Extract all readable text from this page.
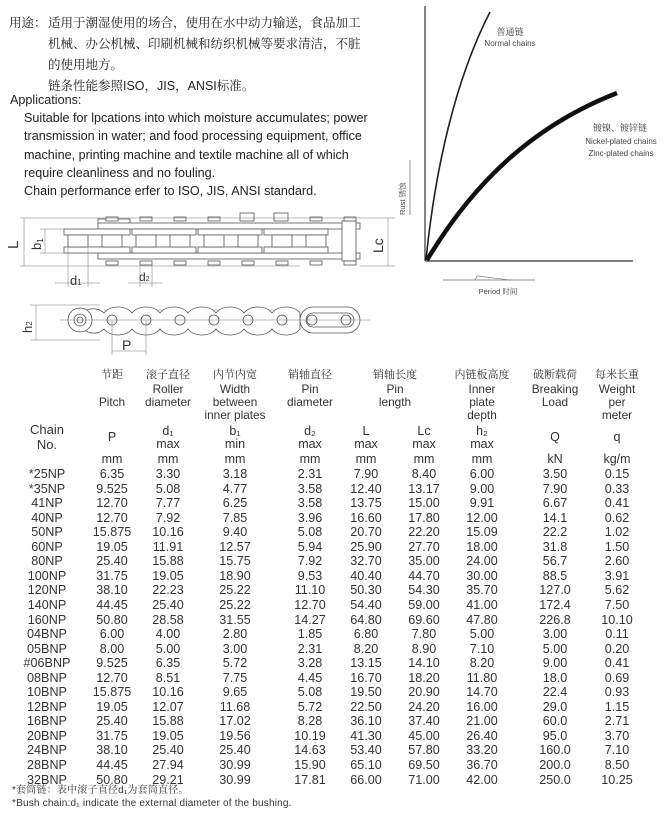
用途： 适用于潮湿使用的场合，使用在水中动力输送，食品加工
机械、办公机械、印刷机械和纺织机械等要求清洁，不脏
的使用地方。
链条性能参照ISO，JIS，ANSI标准。
Applications:
Suitable for lpcations into which moisture accumulates; power
transmission in water; and food processing equipment, office
machine, printing machine and textile machine all of which
require cleanliness and no fouling.
Chain performance erfer to ISO, JIS, ANSI standard.
普通链
Normal chains
镀镍、镀锌链
Nickel-plated chains
Zinc-plated chains
Rust 锈蚀
Period 时间
L b1	Lc
d1	d2
h2
P
Chain
No.
节距
Pitch
P
mm
滚子直径
Roller
diameter
d₁
max
mm
内节内宽
Width
between
inner plates
b₁
min
mm
销轴直径
Pin
diameter
d₂
max
mm
销轴长度
Pin
length
L
max
mm
Lc
max
mm
内链板高度
Inner
plate
depth
h₂
max
mm
破断载荷
Breaking
Load
Q
kN
每米长重
Weight
per
meter
q
kg/m
*25NP	6.35	3.30	3.18	2.31	7.90	8.40	6.00	3.50	0.15
*35NP	9.525	5.08	4.77	3.58	12.40	13.17	9.00	7.90	0.33
41NP	12.70	7.77	6.25	3.58	13.75	15.00	9.91	6.67	0.41
40NP	12.70	7.92	7.85	3.96	16.60	17.80	12.00	14.1	0.62
50NP	15.875	10.16	9.40	5.08	20.70	22.20	15.09	22.2	1.02
60NP	19.05	11.91	12.57	5.94	25.90	27.70	18.00	31.8	1.50
80NP	25.40	15.88	15.75	7.92	32.70	35.00	24.00	56.7	2.60
100NP	31.75	19.05	18.90	9.53	40.40	44.70	30.00	88.5	3.91
120NP	38.10	22.23	25.22	11.10	50.30	54.30	35.70	127.0	5.62
140NP	44.45	25.40	25.22	12.70	54.40	59.00	41.00	172.4	7.50
160NP	50.80	28.58	31.55	14.27	64.80	69.60	47.80	226.8	10.10
04BNP	6.00	4.00	2.80	1.85	6.80	7.80	5.00	3.00	0.11
05BNP	8.00	5.00	3.00	2.31	8.20	8.90	7.10	5.00	0.20
#06BNP	9.525	6.35	5.72	3.28	13.15	14.10	8.20	9.00	0.41
08BNP	12.70	8.51	7.75	4.45	16.70	18.20	11.80	18.0	0.69
10BNP	15.875	10.16	9.65	5.08	19.50	20.90	14.70	22.4	0.93
12BNP	19.05	12.07	11.68	5.72	22.50	24.20	16.00	29.0	1.15
16BNP	25.40	15.88	17.02	8.28	36.10	37.40	21.00	60.0	2.71
20BNP	31.75	19.05	19.56	10.19	41.30	45.00	26.40	95.0	3.70
24BNP	38.10	25.40	25.40	14.63	53.40	57.80	33.20	160.0	7.10
28BNP	44.45	27.94	30.99	15.90	65.10	69.50	36.70	200.0	8.50
32BNP	50.80	29.21	30.99	17.81	66.00	71.00	42.00	250.0	10.25
*套筒链：表中滚子直径d₁为套筒直径。
*Bush chain:d₁ indicate the external diameter of the bushing.
